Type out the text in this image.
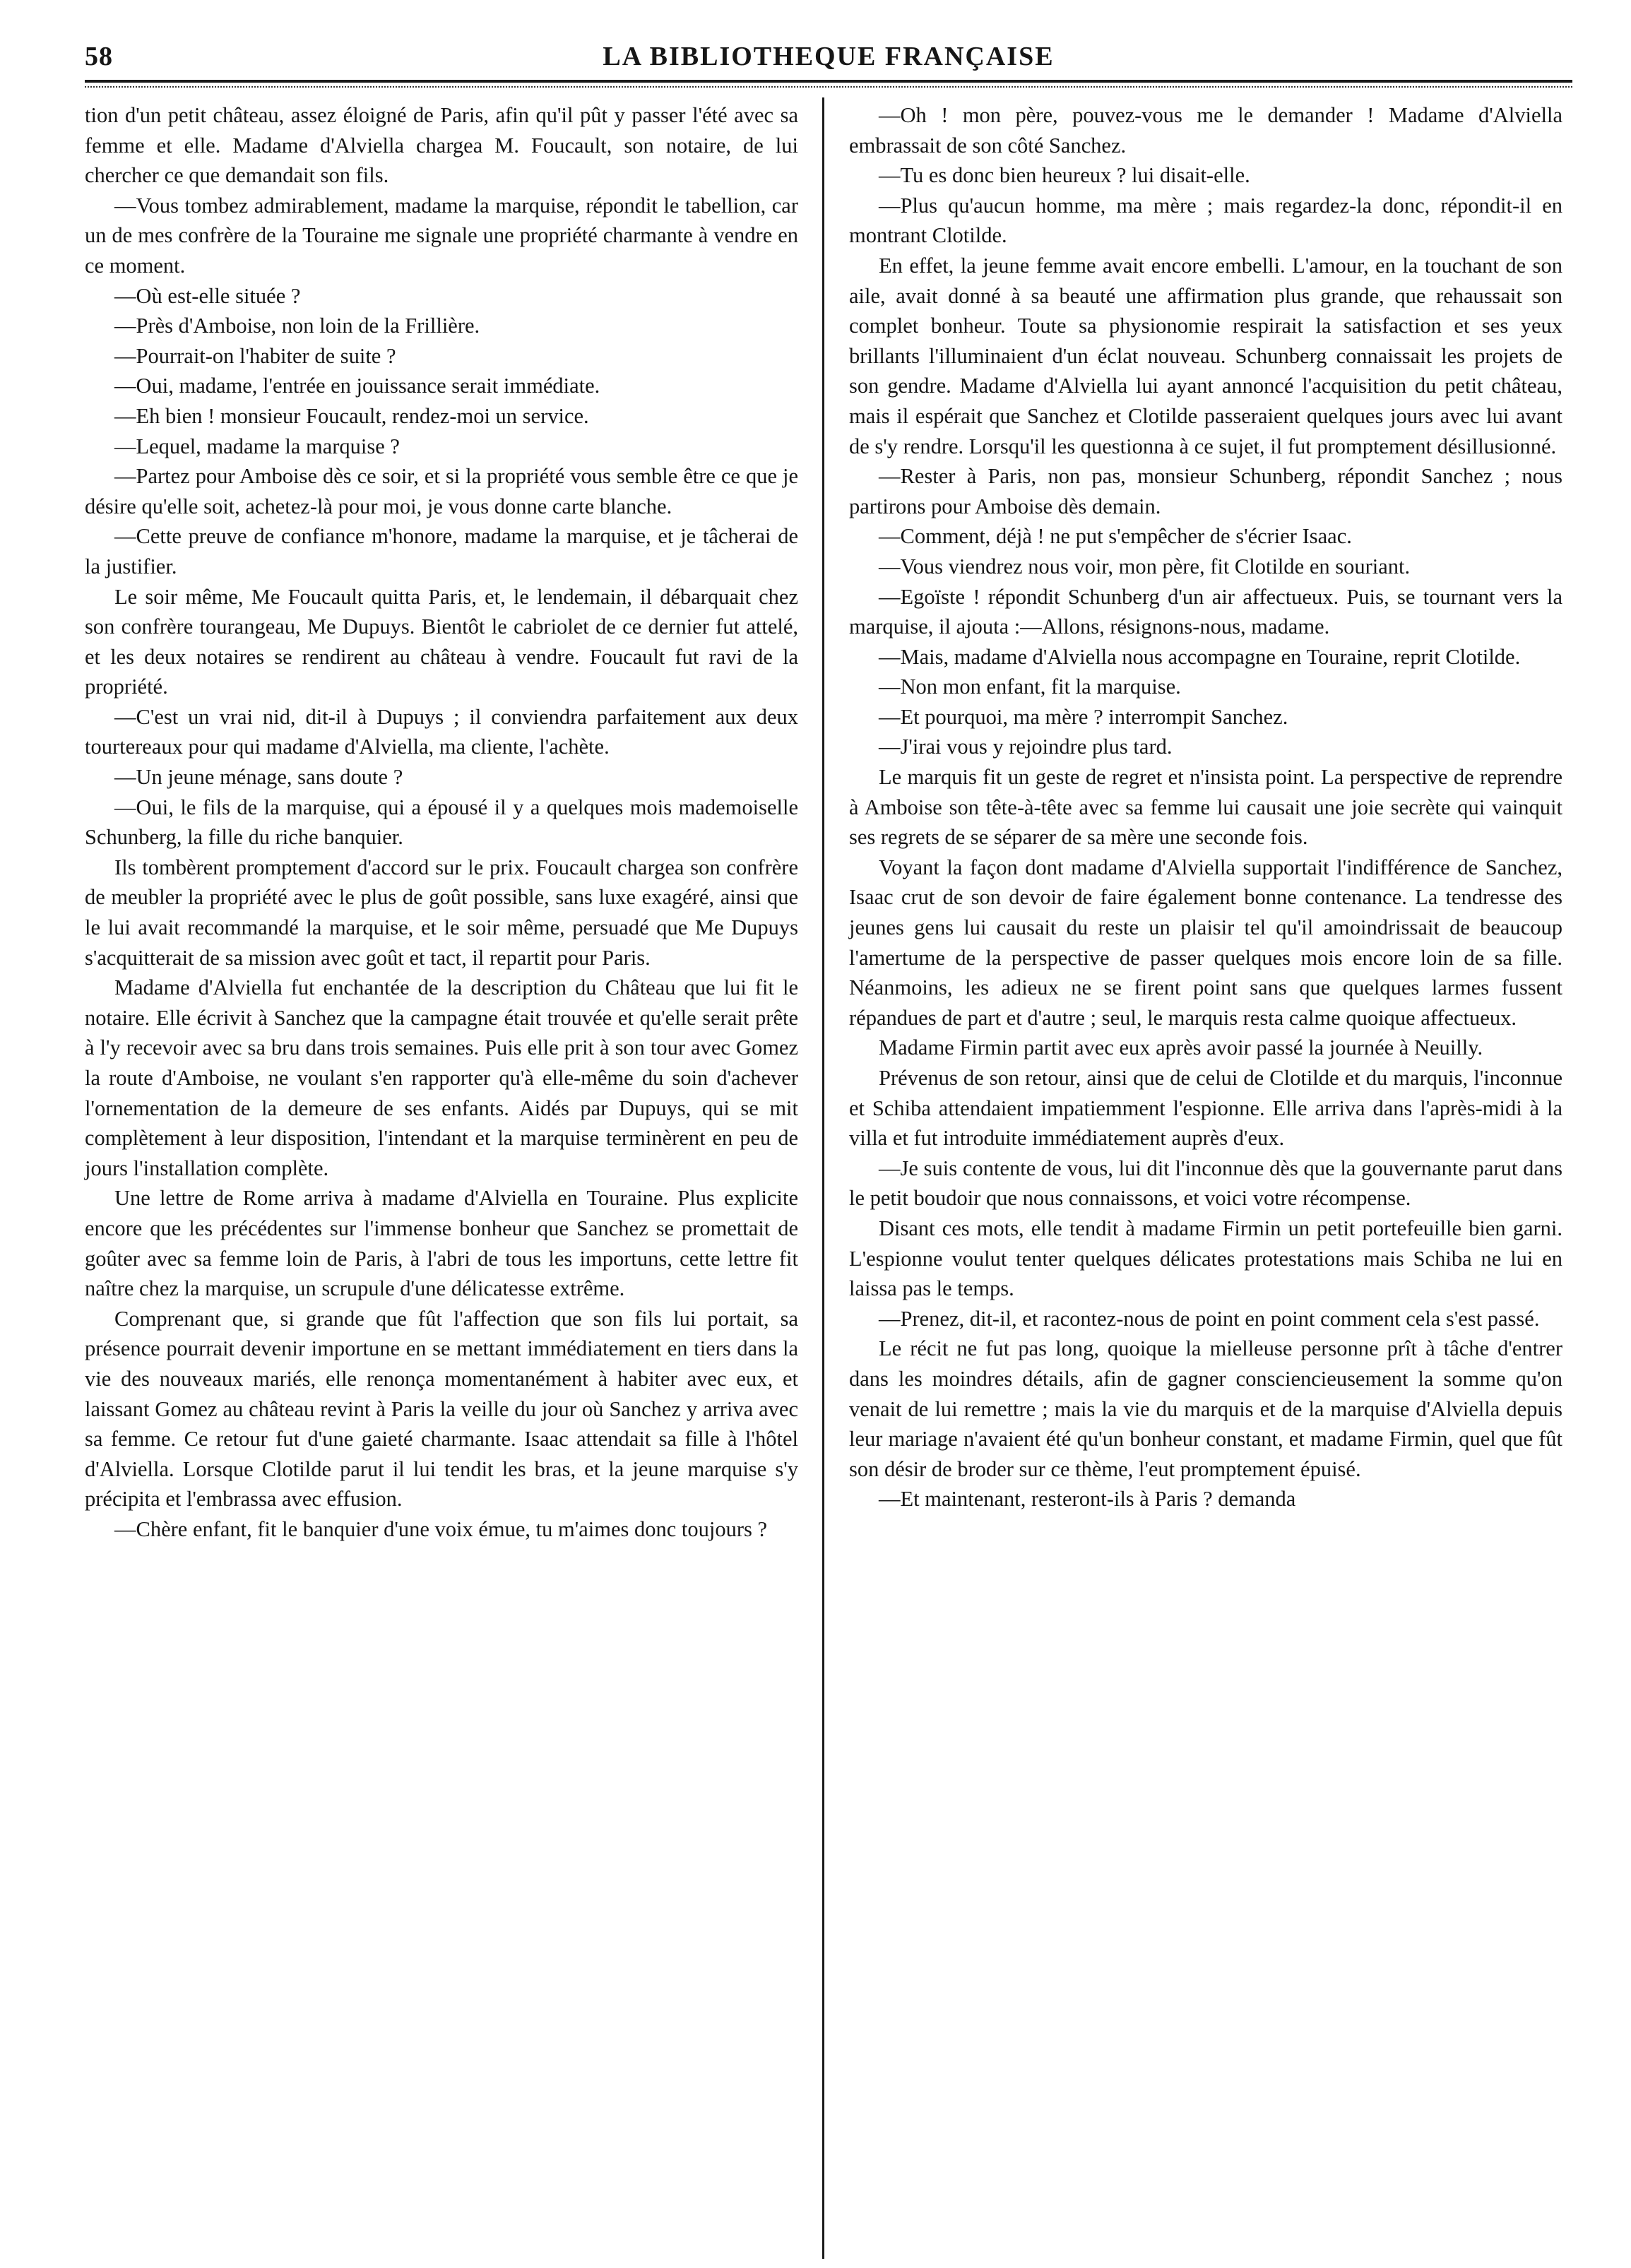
58	LA BIBLIOTHEQUE FRANÇAISE

tion d'un petit château, assez éloigné de Paris, afin qu'il pût y passer l'été avec sa femme et elle. Madame d'Alviella chargea M. Foucault, son notaire, de lui chercher ce que demandait son fils.

—Vous tombez admirablement, madame la marquise, répondit le tabellion, car un de mes confrère de la Touraine me signale une propriété charmante à vendre en ce moment.

—Où est-elle située ?

—Près d'Amboise, non loin de la Frillière.

—Pourrait-on l'habiter de suite ?

—Oui, madame, l'entrée en jouissance serait immédiate.

—Eh bien ! monsieur Foucault, rendez-moi un service.

—Lequel, madame la marquise ?

—Partez pour Amboise dès ce soir, et si la propriété vous semble être ce que je désire qu'elle soit, achetez-là pour moi, je vous donne carte blanche.

—Cette preuve de confiance m'honore, madame la marquise, et je tâcherai de la justifier.

Le soir même, Me Foucault quitta Paris, et, le lendemain, il débarquait chez son confrère tourangeau, Me Dupuys. Bientôt le cabriolet de ce dernier fut attelé, et les deux notaires se rendirent au château à vendre. Foucault fut ravi de la propriété.

—C'est un vrai nid, dit-il à Dupuys ; il conviendra parfaitement aux deux tourtereaux pour qui madame d'Alviella, ma cliente, l'achète.

—Un jeune ménage, sans doute ?

—Oui, le fils de la marquise, qui a épousé il y a quelques mois mademoiselle Schunberg, la fille du riche banquier.

Ils tombèrent promptement d'accord sur le prix. Foucault chargea son confrère de meubler la propriété avec le plus de goût possible, sans luxe exagéré, ainsi que le lui avait recommandé la marquise, et le soir même, persuadé que Me Dupuys s'acquitterait de sa mission avec goût et tact, il repartit pour Paris.

Madame d'Alviella fut enchantée de la description du Château que lui fit le notaire. Elle écrivit à Sanchez que la campagne était trouvée et qu'elle serait prête à l'y recevoir avec sa bru dans trois semaines. Puis elle prit à son tour avec Gomez la route d'Amboise, ne voulant s'en rapporter qu'à elle-même du soin d'achever l'ornementation de la demeure de ses enfants. Aidés par Dupuys, qui se mit complètement à leur disposition, l'intendant et la marquise terminèrent en peu de jours l'installation complète.

Une lettre de Rome arriva à madame d'Alviella en Touraine. Plus explicite encore que les précédentes sur l'immense bonheur que Sanchez se promettait de goûter avec sa femme loin de Paris, à l'abri de tous les importuns, cette lettre fit naître chez la marquise, un scrupule d'une délicatesse extrême.

Comprenant que, si grande que fût l'affection que son fils lui portait, sa présence pourrait devenir importune en se mettant immédiatement en tiers dans la vie des nouveaux mariés, elle renonça momentanément à habiter avec eux, et laissant Gomez au château revint à Paris la veille du jour où Sanchez y arriva avec sa femme. Ce retour fut d'une gaieté charmante. Isaac attendait sa fille à l'hôtel d'Alviella. Lorsque Clotilde parut il lui tendit les bras, et la jeune marquise s'y précipita et l'embrassa avec effusion.

—Chère enfant, fit le banquier d'une voix émue, tu m'aimes donc toujours ?

—Oh ! mon père, pouvez-vous me le demander ! Madame d'Alviella embrassait de son côté Sanchez.

—Tu es donc bien heureux ? lui disait-elle.

—Plus qu'aucun homme, ma mère ; mais regardez-la donc, répondit-il en montrant Clotilde.

En effet, la jeune femme avait encore embelli. L'amour, en la touchant de son aile, avait donné à sa beauté une affirmation plus grande, que rehaussait son complet bonheur. Toute sa physionomie respirait la satisfaction et ses yeux brillants l'illuminaient d'un éclat nouveau. Schunberg connaissait les projets de son gendre. Madame d'Alviella lui ayant annoncé l'acquisition du petit château, mais il espérait que Sanchez et Clotilde passeraient quelques jours avec lui avant de s'y rendre. Lorsqu'il les questionna à ce sujet, il fut promptement désillusionné.

—Rester à Paris, non pas, monsieur Schunberg, répondit Sanchez ; nous partirons pour Amboise dès demain.

—Comment, déjà ! ne put s'empêcher de s'écrier Isaac.

—Vous viendrez nous voir, mon père, fit Clotilde en souriant.

—Egoïste ! répondit Schunberg d'un air affectueux. Puis, se tournant vers la marquise, il ajouta :—Allons, résignons-nous, madame.

—Mais, madame d'Alviella nous accompagne en Touraine, reprit Clotilde.

—Non mon enfant, fit la marquise.

—Et pourquoi, ma mère ? interrompit Sanchez.

—J'irai vous y rejoindre plus tard.

Le marquis fit un geste de regret et n'insista point. La perspective de reprendre à Amboise son tête-à-tête avec sa femme lui causait une joie secrète qui vainquit ses regrets de se séparer de sa mère une seconde fois.

Voyant la façon dont madame d'Alviella supportait l'indifférence de Sanchez, Isaac crut de son devoir de faire également bonne contenance. La tendresse des jeunes gens lui causait du reste un plaisir tel qu'il amoindrissait de beaucoup l'amertume de la perspective de passer quelques mois encore loin de sa fille. Néanmoins, les adieux ne se firent point sans que quelques larmes fussent répandues de part et d'autre ; seul, le marquis resta calme quoique affectueux.

Madame Firmin partit avec eux après avoir passé la journée à Neuilly.

Prévenus de son retour, ainsi que de celui de Clotilde et du marquis, l'inconnue et Schiba attendaient impatiemment l'espionne. Elle arriva dans l'après-midi à la villa et fut introduite immédiatement auprès d'eux.

—Je suis contente de vous, lui dit l'inconnue dès que la gouvernante parut dans le petit boudoir que nous connaissons, et voici votre récompense.

Disant ces mots, elle tendit à madame Firmin un petit portefeuille bien garni. L'espionne voulut tenter quelques délicates protestations mais Schiba ne lui en laissa pas le temps.

—Prenez, dit-il, et racontez-nous de point en point comment cela s'est passé.

Le récit ne fut pas long, quoique la mielleuse personne prît à tâche d'entrer dans les moindres détails, afin de gagner consciencieusement la somme qu'on venait de lui remettre ; mais la vie du marquis et de la marquise d'Alviella depuis leur mariage n'avaient été qu'un bonheur constant, et madame Firmin, quel que fût son désir de broder sur ce thème, l'eut promptement épuisé.

—Et maintenant, resteront-ils à Paris ? demanda
